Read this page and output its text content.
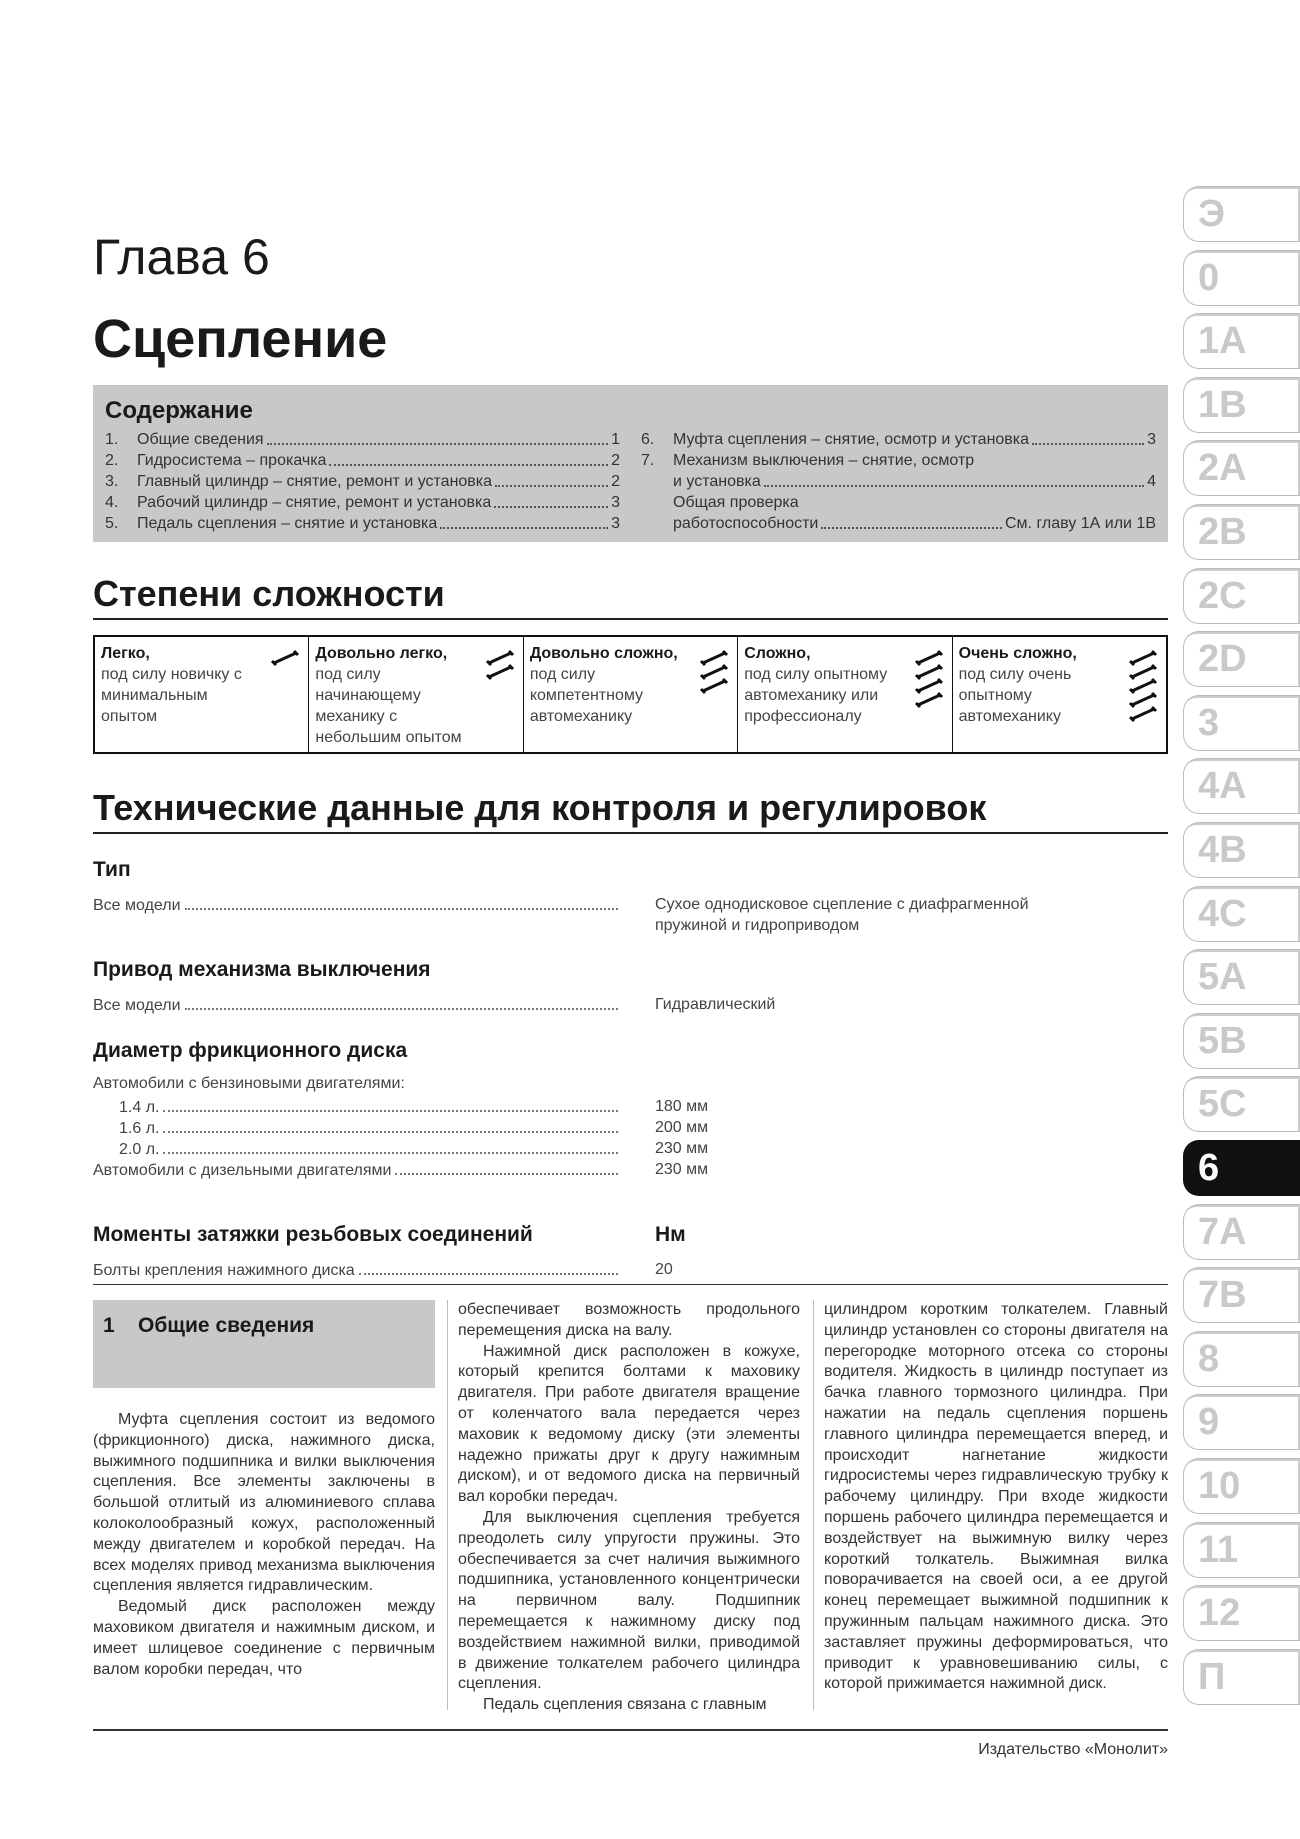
Глава 6
Сцепление
Содержание
1.	Общие сведения	1
2.	Гидросистема – прокачка	2
3.	Главный цилиндр – снятие, ремонт и установка	2
4.	Рабочий цилиндр – снятие, ремонт и установка	3
5.	Педаль сцепления – снятие и установка	3
6.	Муфта сцепления – снятие, осмотр и установка	3
7.	Механизм выключения – снятие, осмотр
и установка	4
Общая проверка
работоспособности	См. главу 1А или 1В
Степени сложности
Легко,
под силу новичку с минимальным опытом
Довольно легко,
под силу начинающему механику с небольшим опытом
Довольно сложно,
под силу компетентному автомеханику
Сложно,
под силу опытному автомеханику или профессионалу
Очень сложно,
под силу очень опытному автомеханику
Технические данные для контроля и регулировок
Тип
Все модели	Сухое однодисковое сцепление с диафрагменной пружиной и гидроприводом
Привод механизма выключения
Все модели	Гидравлический
Диаметр фрикционного диска
Автомобили с бензиновыми двигателями:
1.4 л.	180 мм
1.6 л.	200 мм
2.0 л.	230 мм
Автомобили с дизельными двигателями	230 мм
Моменты затяжки резьбовых соединений	Нм
Болты крепления нажимного диска	20
1 Общие сведения

Муфта сцепления состоит из ведомого (фрикционного) диска, нажимного диска, выжимного подшипника и вилки выключения сцепления. Все элементы заключены в большой отлитый из алюминиевого сплава колоколообразный кожух, расположенный между двигателем и коробкой передач. На всех моделях привод механизма выключения сцепления является гидравлическим.

Ведомый диск расположен между маховиком двигателя и нажимным диском, и имеет шлицевое соединение с первичным валом коробки передач, что

обеспечивает возможность продольного перемещения диска на валу.

Нажимной диск расположен в кожухе, который крепится болтами к маховику двигателя. При работе двигателя вращение от коленчатого вала передается через маховик к ведомому диску (эти элементы надежно прижаты друг к другу нажимным диском), и от ведомого диска на первичный вал коробки передач.

Для выключения сцепления требуется преодолеть силу упругости пружины. Это обеспечивается за счет наличия выжимного подшипника, установленного концентрически на первичном валу. Подшипник перемещается к нажимному диску под воздействием нажимной вилки, приводимой в движение толкателем рабочего цилиндра сцепления.

Педаль сцепления связана с главным

цилиндром коротким толкателем. Главный цилиндр установлен со стороны двигателя на перегородке моторного отсека со стороны водителя. Жидкость в цилиндр поступает из бачка главного тормозного цилиндра. При нажатии на педаль сцепления поршень главного цилиндра перемещается вперед, и происходит нагнетание жидкости гидросистемы через гидравлическую трубку к рабочему цилиндру. При входе жидкости поршень рабочего цилиндра перемещается и воздействует на выжимную вилку через короткий толкатель. Выжимная вилка поворачивается на своей оси, а ее другой конец перемещает выжимной подшипник к пружинным пальцам нажимного диска. Это заставляет пружины деформироваться, что приводит к уравновешиванию силы, с которой прижимается нажимной диск.

Издательство «Монолит»
Э
0
1A
1B
2A
2B
2C
2D
3
4A
4B
4C
5A
5B
5C
6
7A
7B
8
9
10
11
12
П
